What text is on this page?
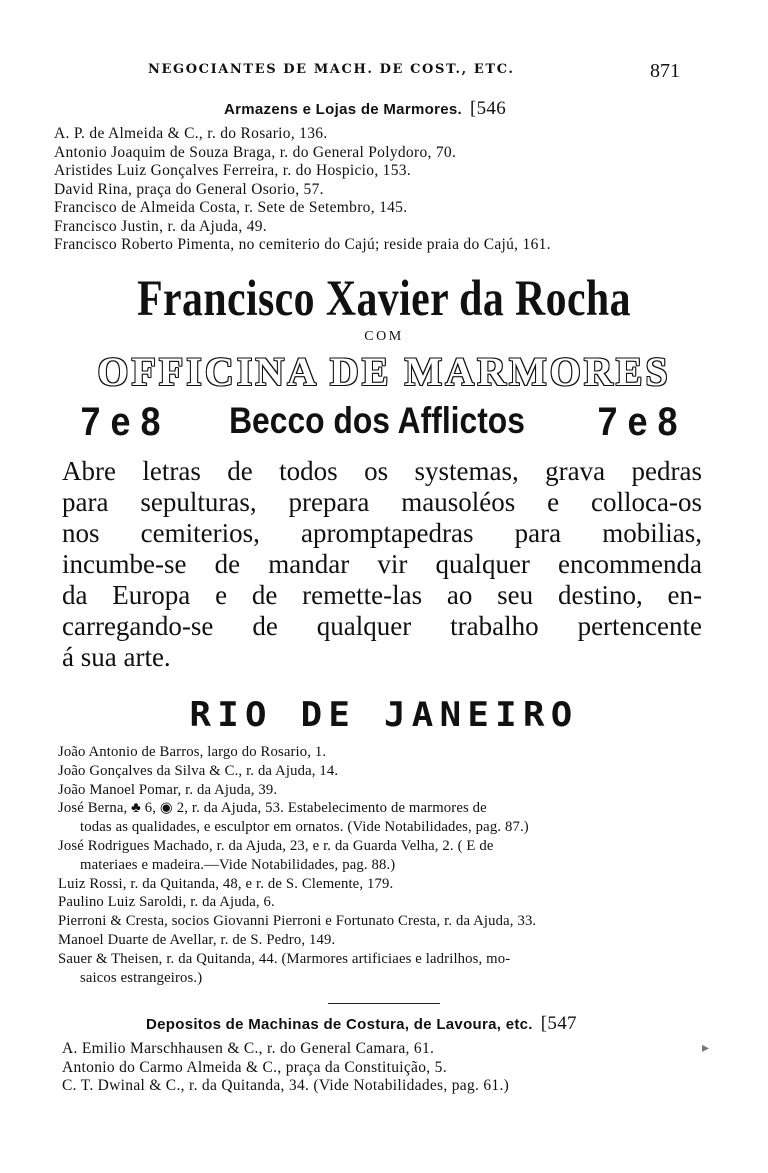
NEGOCIANTES DE MACH. DE COST., ETC.	871
Armazens e Lojas de Marmores. [546
A. P. de Almeida & C., r. do Rosario, 136.
Antonio Joaquim de Souza Braga, r. do General Polydoro, 70.
Aristides Luiz Gonçalves Ferreira, r. do Hospicio, 153.
David Rina, praça do General Osorio, 57.
Francisco de Almeida Costa, r. Sete de Setembro, 145.
Francisco Justin, r. da Ajuda, 49.
Francisco Roberto Pimenta, no cemiterio do Cajú; reside praia do Cajú, 161.
Francisco Xavier da Rocha
COM
OFFICINA DE MARMORES
7 e 8	Becco dos Afflictos	7 e 8
Abre letras de todos os systemas, grava pedras
para sepulturas, prepara mausoléos e colloca-os
nos cemiterios, apromptapedras para mobilias,
incumbe-se de mandar vir qualquer encommenda
da Europa e de remette-las ao seu destino, en-
carregando-se de qualquer trabalho pertencente
á sua arte.
RIO DE JANEIRO
João Antonio de Barros, largo do Rosario, 1.
João Gonçalves da Silva & C., r. da Ajuda, 14.
João Manoel Pomar, r. da Ajuda, 39.
José Berna, ♣ 6, ◉ 2, r. da Ajuda, 53. Estabelecimento de marmores de
todas as qualidades, e esculptor em ornatos. (Vide Notabilidades, pag. 87.)
José Rodrigues Machado, r. da Ajuda, 23, e r. da Guarda Velha, 2. ( E de
materiaes e madeira.—Vide Notabilidades, pag. 88.)
Luiz Rossi, r. da Quitanda, 48, e r. de S. Clemente, 179.
Paulino Luiz Saroldi, r. da Ajuda, 6.
Pierroni & Cresta, socios Giovanni Pierroni e Fortunato Cresta, r. da Ajuda, 33.
Manoel Duarte de Avellar, r. de S. Pedro, 149.
Sauer & Theisen, r. da Quitanda, 44. (Marmores artificiaes e ladrilhos, mo-
saicos estrangeiros.)
Depositos de Machinas de Costura, de Lavoura, etc. [547
A. Emilio Marschhausen & C., r. do General Camara, 61.
Antonio do Carmo Almeida & C., praça da Constituição, 5.
C. T. Dwinal & C., r. da Quitanda, 34. (Vide Notabilidades, pag. 61.)
▸
